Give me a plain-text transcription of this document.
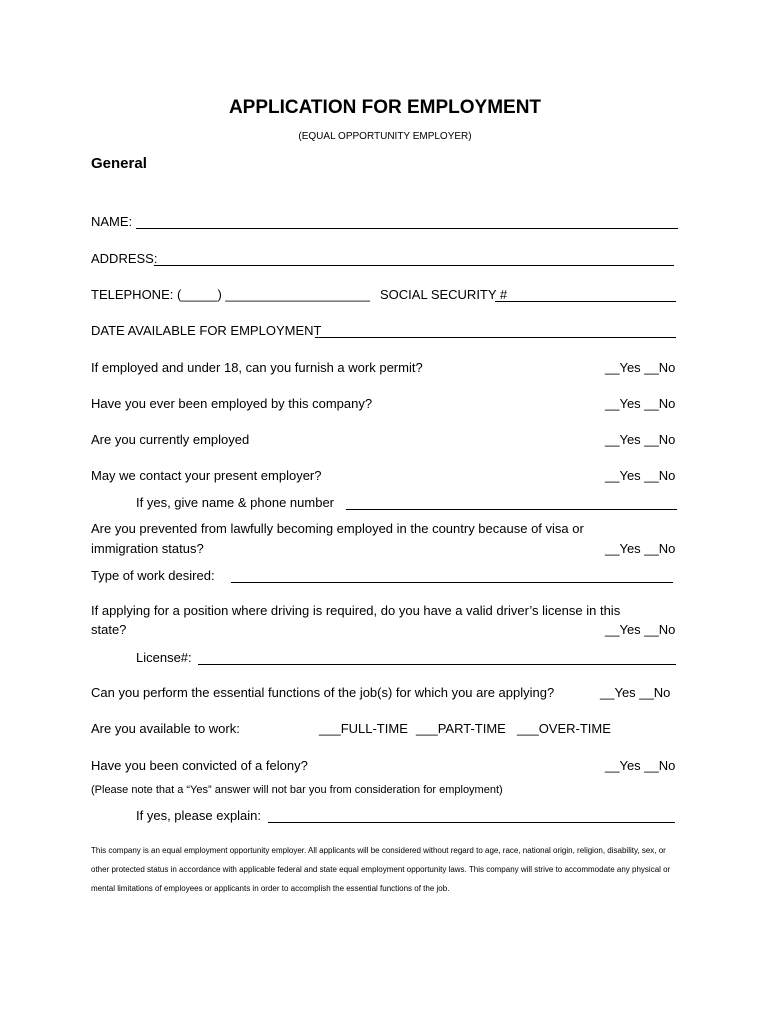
APPLICATION FOR EMPLOYMENT
(EQUAL OPPORTUNITY EMPLOYER)
General
NAME:
ADDRESS:
TELEPHONE: (_____) ____________________ SOCIAL SECURITY #
DATE AVAILABLE FOR EMPLOYMENT
If employed and under 18, can you furnish a work permit?	__Yes __No
Have you ever been employed by this company?	__Yes __No
Are you currently employed	__Yes __No
May we contact your present employer?	__Yes __No
If yes, give name & phone number
Are you prevented from lawfully becoming employed in the country because of visa or
immigration status?	__Yes __No
Type of work desired:
If applying for a position where driving is required, do you have a valid driver’s license in this
state?	__Yes __No
License#:
Can you perform the essential functions of the job(s) for which you are applying?	__Yes __No
Are you available to work:	___FULL-TIME ___PART-TIME ___OVER-TIME
Have you been convicted of a felony?	__Yes __No
(Please note that a “Yes” answer will not bar you from consideration for employment)
If yes, please explain:
This company is an equal employment opportunity employer. All applicants will be considered without regard to age, race, national origin, religion, disability, sex, or other protected status in accordance with applicable federal and state equal employment opportunity laws. This company will strive to accommodate any physical or mental limitations of employees or applicants in order to accomplish the essential functions of the job.
